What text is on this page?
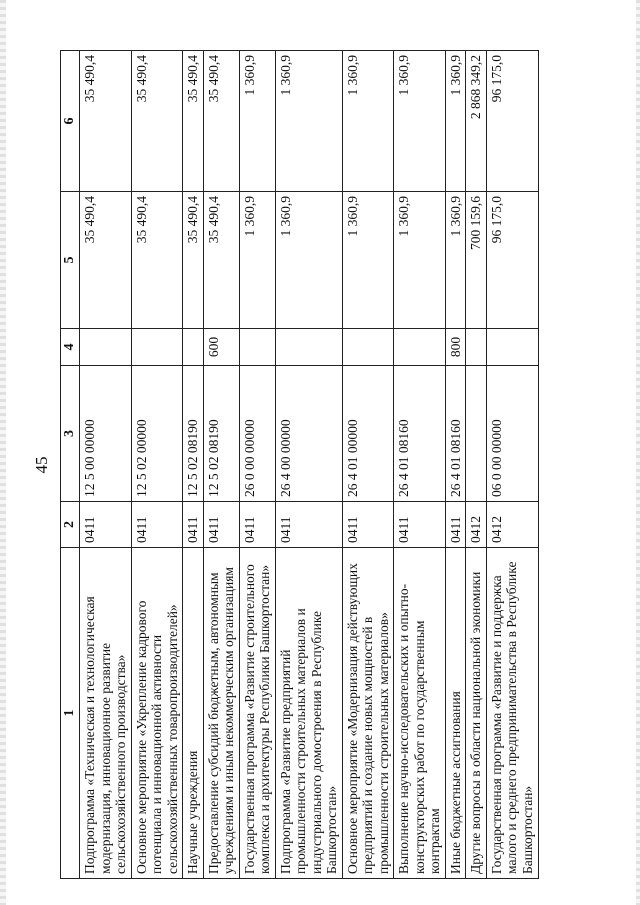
45
1	2	3	4	5	6
Подпрограмма «Техническая и технологическая модернизация, инновационное развитие сельскохозяйственного производства»	0411	12 5 00 00000		35 490,4	35 490,4
Основное мероприятие «Укрепление кадрового потенциала и инновационной активности сельскохозяйственных товаропроизводителей»	0411	12 5 02 00000		35 490,4	35 490,4
Научные учреждения	0411	12 5 02 08190		35 490,4	35 490,4
Предоставление субсидий бюджетным, автономным учреждениям и иным некоммерческим организациям	0411	12 5 02 08190	600	35 490,4	35 490,4
Государственная программа «Развитие строительного комплекса и архитектуры Республики Башкортостан»	0411	26 0 00 00000		1 360,9	1 360,9
Подпрограмма «Развитие предприятий промышленности строительных материалов и индустриального домостроения в Республике Башкортостан»	0411	26 4 00 00000		1 360,9	1 360,9
Основное мероприятие «Модернизация действующих предприятий и создание новых мощностей в промышленности строительных материалов»	0411	26 4 01 00000		1 360,9	1 360,9
Выполнение научно-исследовательских и опытно-конструкторских работ по государственным контрактам	0411	26 4 01 08160		1 360,9	1 360,9
Иные бюджетные ассигнования	0411	26 4 01 08160	800	1 360,9	1 360,9
Другие вопросы в области национальной экономики	0412			700 159,6	2 868 349,2
Государственная программа «Развитие и поддержка малого и среднего предпринимательства в Республике Башкортостан»	0412	06 0 00 00000		96 175,0	96 175,0
